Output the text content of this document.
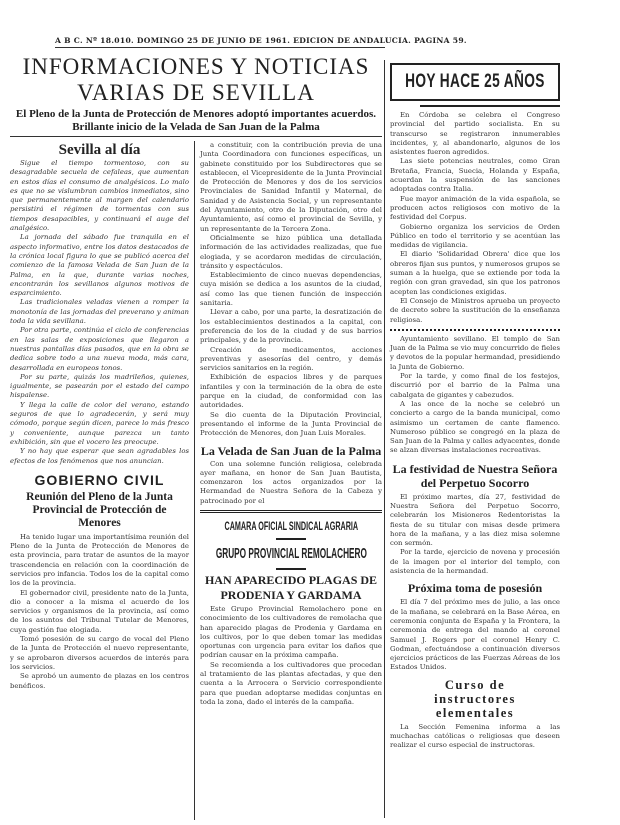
A B C. Nº 18.010. DOMINGO 25 DE JUNIO DE 1961. EDICION DE ANDALUCIA. PAGINA 59.
INFORMACIONES Y NOTICIAS
VARIAS DE SEVILLA
El Pleno de la Junta de Protección de Menores adoptó importantes acuerdos. Brillante inicio de la Velada de San Juan de la Palma
Sevilla al día

Sigue el tiempo tormentoso, con su desagradable secuela de cefaleas, que aumentan en estos días el consumo de analgésicos. Lo malo es que no se vislumbran cambios inmediatos, sino que permanentemente al margen del calendario persistirá el régimen de tormentas con sus tiempos desapacibles, y continuará el auge del analgésico.

La jornada del sábado fue tranquila en el aspecto informativo, entre los datos destacados de la crónica local figura lo que se publicó acerca del comienzo de la famosa Velada de San Juan de la Palma, en la que, durante varias noches, encontrarán los sevillanos algunos motivos de esparcimiento.

Las tradicionales veladas vienen a romper la monotonía de las jornadas del preverano y animan toda la vida sevillana.

Por otra parte, continúa el ciclo de conferencias en las salas de exposiciones que llegaron a nuestras pantallas días pasados, que en la obra se dedica sobre todo a una nueva moda, más cara, desarrollada en europeos tonos.

Por su parte, quizás los madrileños, quienes, igualmente, se pasearán por el estado del campo hispalense.

Y llega la calle de color del verano, estando seguros de que lo agradecerán, y será muy cómodo, porque según dicen, parece lo más fresco y conveniente, aunque parezca un tanto exhibición, sin que el vocero les preocupe.

Y no hay que esperar que sean agradables los efectos de los fenómenos que nos anuncian.

GOBIERNO CIVIL
Reunión del Pleno de la Junta Provincial de Protección de Menores

Ha tenido lugar una importantísima reunión del Pleno de la Junta de Protección de Menores de esta provincia, para tratar de asuntos de la mayor trascendencia en relación con la coordinación de servicios pro infancia. Todos los de la capital como los de la provincia.

El gobernador civil, presidente nato de la Junta, dio a conocer a la misma el acuerdo de los servicios y organismos de la provincia, así como de los asuntos del Tribunal Tutelar de Menores, cuya gestión fue elogiada.

Tomó posesión de su cargo de vocal del Pleno de la Junta de Protección el nuevo representante, y se aprobaron diversos acuerdos de interés para los servicios.

Se aprobó un aumento de plazas en los centros benéficos.

a constituir, con la contribución previa de una Junta Coordinadora con funciones específicas, un gabinete constituido por los Subdirectores que se establecen, el Vicepresidente de la Junta Provincial de Protección de Menores y dos de los servicios Provinciales de Sanidad Infantil y Maternal, de Sanidad y de Asistencia Social, y un representante del Ayuntamiento, otro de la Diputación, otro del Ayuntamiento, así como el provincial de Sevilla, y un representante de la Tercera Zona.

Oficialmente se hizo pública una detallada información de las actividades realizadas, que fue elogiada, y se acordaron medidas de circulación, tránsito y espectáculos.

Establecimiento de cinco nuevas dependencias, cuya misión se dedica a los asuntos de la ciudad, así como las que tienen función de inspección sanitaria.

Llevar a cabo, por una parte, la desratización de los establecimientos destinados a la capital, con preferencia de los de la ciudad y de sus barrios principales, y de la provincia.

Creación de medicamentos, acciones preventivas y asesorías del centro, y demás servicios sanitarios en la región.

Exhibición de espacios libres y de parques infantiles y con la terminación de la obra de este parque en la ciudad, de conformidad con las autoridades.

Se dio cuenta de la Diputación Provincial, presentando el informe de la Junta Provincial de Protección de Menores, don Juan Luis Morales.

La Velada de San Juan de la Palma

Con una solemne función religiosa, celebrada ayer mañana, en honor de San Juan Bautista, comenzaron los actos organizados por la Hermandad de Nuestra Señora de la Cabeza y patrocinado por el

CAMARA OFICIAL SINDICAL AGRARIA
GRUPO PROVINCIAL REMOLACHERO
HAN APARECIDO PLAGAS DE
PRODENIA Y GARDAMA

Este Grupo Provincial Remolachero pone en conocimiento de los cultivadores de remolacha que han aparecido plagas de Prodenia y Gardama en los cultivos, por lo que deben tomar las medidas oportunas con urgencia para evitar los daños que podrían causar en la próxima campaña.

Se recomienda a los cultivadores que procedan al tratamiento de las plantas afectadas, y que den cuenta a la Arrocera o Servicio correspondiente para que puedan adoptarse medidas conjuntas en toda la zona, dado el interés de la campaña.

HOY HACE 25 AÑOS

En Córdoba se celebra el Congreso provincial del partido socialista. En su transcurso se registraron innumerables incidentes, y, al abandonarlo, algunos de los asistentes fueron agredidos.

Las siete potencias neutrales, como Gran Bretaña, Francia, Suecia, Holanda y España, acuerdan la suspensión de las sanciones adoptadas contra Italia.

Fue mayor animación de la vida española, se producen actos religiosos con motivo de la festividad del Corpus.

Gobierno organiza los servicios de Orden Público en todo el territorio y se acentúan las medidas de vigilancia.

El diario 'Solidaridad Obrera' dice que los obreros fijan sus puntos, y numerosos grupos se suman a la huelga, que se extiende por toda la región con gran gravedad, sin que los patronos acepten las condiciones exigidas.

El Consejo de Ministros aprueba un proyecto de decreto sobre la sustitución de la enseñanza religiosa.

Ayuntamiento sevillano. El templo de San Juan de la Palma se vio muy concurrido de fieles y devotos de la popular hermandad, presidiendo la Junta de Gobierno.

Por la tarde, y como final de los festejos, discurrió por el barrio de la Palma una cabalgata de gigantes y cabezudos.

A las once de la noche se celebró un concierto a cargo de la banda municipal, como asimismo un certamen de cante flamenco. Numeroso público se congregó en la plaza de San Juan de la Palma y calles adyacentes, donde se alzan diversas instalaciones recreativas.

La festividad de Nuestra Señora del Perpetuo Socorro

El próximo martes, día 27, festividad de Nuestra Señora del Perpetuo Socorro, celebrarán los Misioneros Redentoristas la fiesta de su titular con misas desde primera hora de la mañana, y a las diez misa solemne con sermón.

Por la tarde, ejercicio de novena y procesión de la imagen por el interior del templo, con asistencia de la hermandad.

Próxima toma de posesión

El día 7 del próximo mes de julio, a las once de la mañana, se celebrará en la Base Aérea, en ceremonia conjunta de España y la Frontera, la ceremonia de entrega del mando al coronel Samuel J. Rogers por el coronel Henry C. Godman, efectuándose a continuación diversos ejercicios prácticos de las Fuerzas Aéreas de los Estados Unidos.

Curso de instructores elementales

La Sección Femenina informa a las muchachas católicas o religiosas que deseen realizar el curso especial de instructoras.
